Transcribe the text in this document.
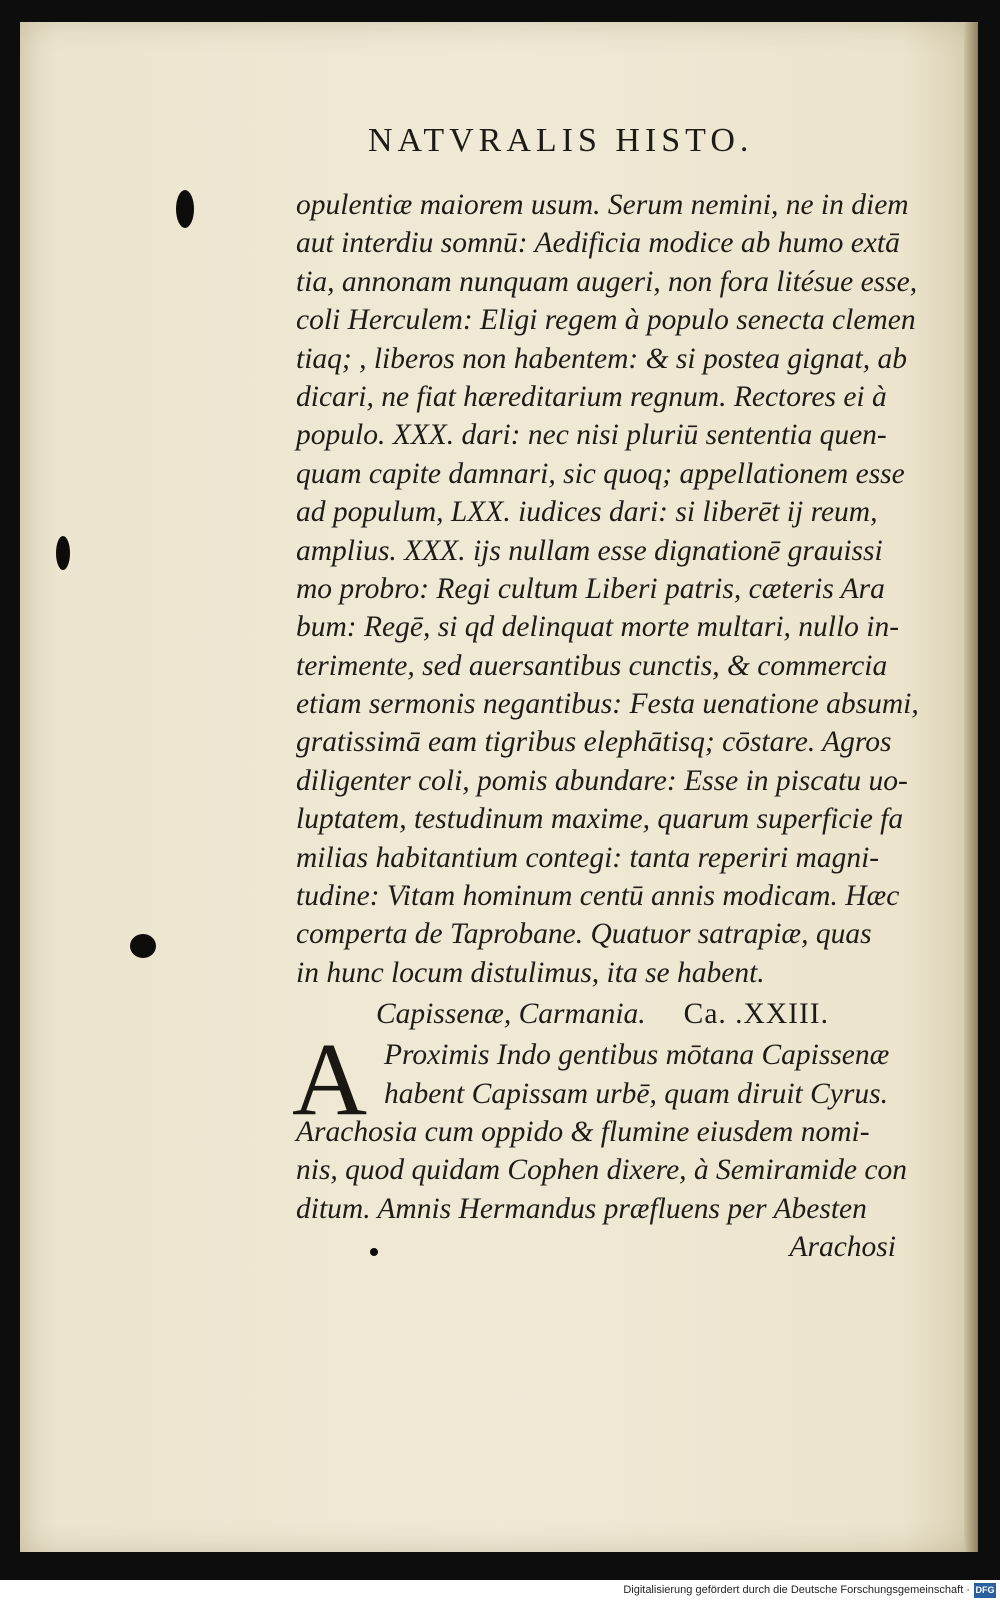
NATVRALIS HISTO.
opulentiæ maiorem usum. Serum nemini, ne in diem
aut interdiu somnū: Aedificia modice ab humo extā
tia, annonam nunquam augeri, non fora litésue esse,
coli Herculem: Eligi regem à populo senecta clemen
tiaq; , liberos non habentem: & si postea gignat, ab
dicari, ne fiat hæreditarium regnum. Rectores ei à
populo. XXX. dari: nec nisi pluriū sententia quen-
quam capite damnari, sic quoq; appellationem esse
ad populum, LXX. iudices dari: si liberēt ij reum,
amplius. XXX. ijs nullam esse dignationē grauissi
mo probro: Regi cultum Liberi patris, cæteris Ara
bum: Regē, si qd delinquat morte multari, nullo in-
terimente, sed auersantibus cunctis, & commercia
etiam sermonis negantibus: Festa uenatione absumi,
gratissimā eam tigribus elephātisq; cōstare. Agros
diligenter coli, pomis abundare: Esse in piscatu uo-
luptatem, testudinum maxime, quarum superficie fa
milias habitantium contegi: tanta reperiri magni-
tudine: Vitam hominum centū annis modicam. Hæc
comperta de Taprobane. Quatuor satrapiæ, quas
in hunc locum distulimus, ita se habent.
Capissenæ, Carmania. Ca. .XXIII.
A Proximis Indo gentibus mōtana Capissenæ
habent Capissam urbē, quam diruit Cyrus.
Arachosia cum oppido & flumine eiusdem nomi-
nis, quod quidam Cophen dixere, à Semiramide con
ditum. Amnis Hermandus præfluens per Abesten
Arachosi
Digitalisierung gefördert durch die Deutsche Forschungsgemeinschaft · DFG
